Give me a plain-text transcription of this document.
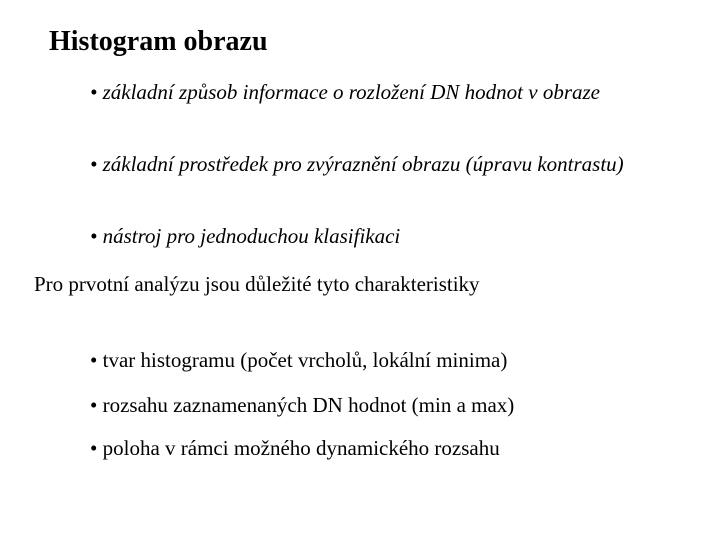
Histogram obrazu
• základní způsob informace o rozložení DN hodnot v obraze
• základní prostředek pro zvýraznění obrazu (úpravu kontrastu)
• nástroj pro jednoduchou klasifikaci
Pro prvotní analýzu jsou důležité tyto charakteristiky
• tvar histogramu (počet vrcholů, lokální minima)
• rozsahu zaznamenaných DN hodnot (min a max)
• poloha v rámci možného dynamického rozsahu
